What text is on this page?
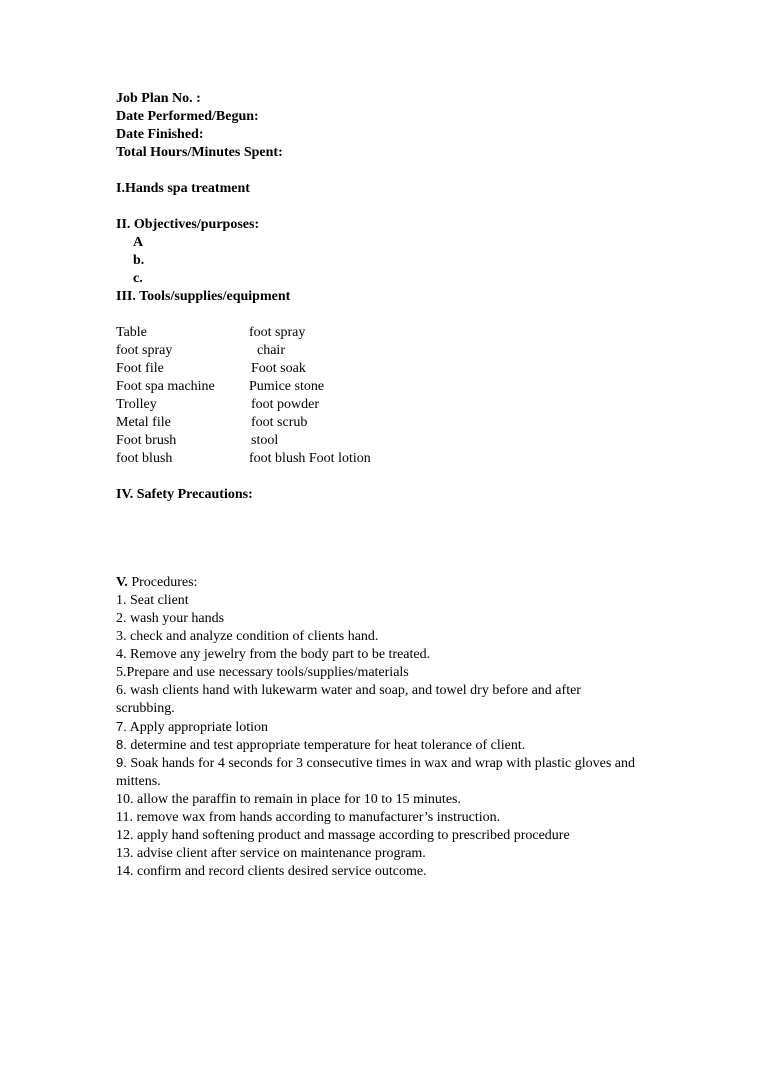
Job Plan No. :
Date Performed/Begun:
Date Finished:
Total Hours/Minutes Spent:
I.Hands spa treatment
II. Objectives/purposes:
A
b.
c.
III. Tools/supplies/equipment
Table	foot spray
foot spray	chair
Foot file	Foot soak
Foot spa machine	Pumice stone
Trolley	foot powder
Metal file	foot scrub
Foot brush	stool
foot blush	foot blush Foot lotion
IV. Safety Precautions:
V. Procedures:
1. Seat client
2. wash your hands
3. check and analyze condition of clients hand.
4. Remove any jewelry from the body part to be treated.
5.Prepare and use necessary tools/supplies/materials
6. wash clients hand with lukewarm water and soap, and towel dry before and after scrubbing.
7. Apply appropriate lotion
8. determine and test appropriate temperature for heat tolerance of client.
9. Soak hands for 4 seconds for 3 consecutive times in wax and wrap with plastic gloves and mittens.
10. allow the paraffin to remain in place for 10 to 15 minutes.
11. remove wax from hands according to manufacturer’s instruction.
12. apply hand softening product and massage according to prescribed procedure
13. advise client after service on maintenance program.
14. confirm and record clients desired service outcome.
